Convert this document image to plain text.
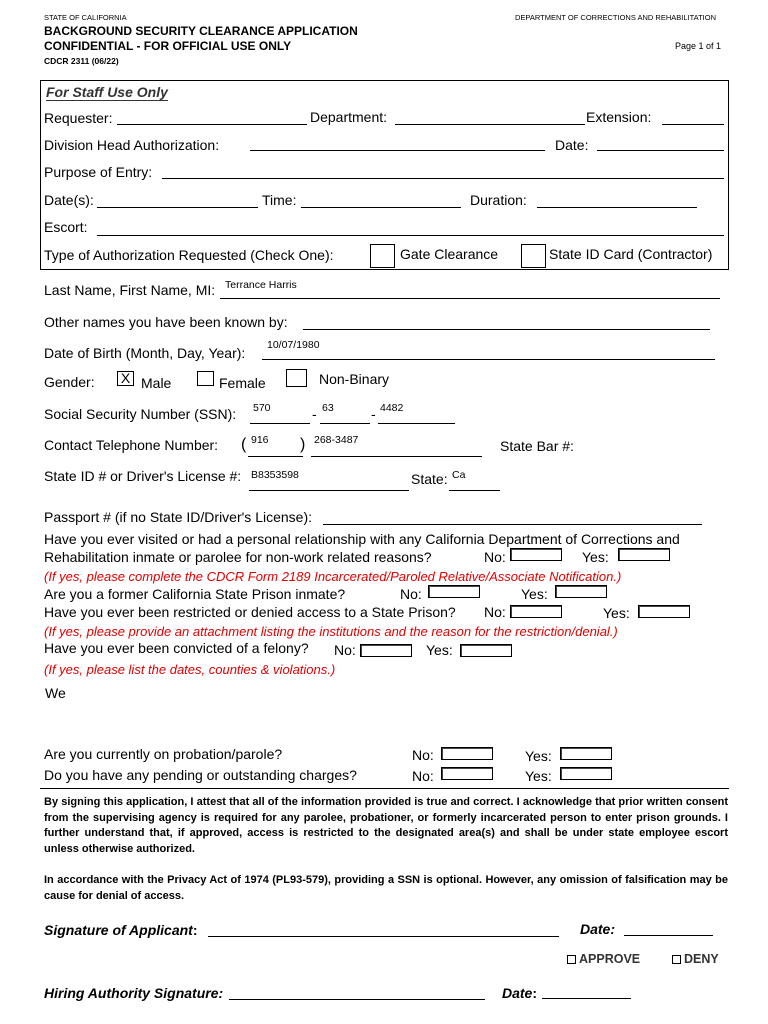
STATE OF CALIFORNIA
BACKGROUND SECURITY CLEARANCE APPLICATION
CONFIDENTIAL - FOR OFFICIAL USE ONLY
CDCR 2311 (06/22)
DEPARTMENT OF CORRECTIONS AND REHABILITATION
Page 1 of 1
For Staff Use Only
Requester:	Department:	Extension:
Division Head Authorization:	Date:
Purpose of Entry:
Date(s):	Time:	Duration:
Escort:
Type of Authorization Requested (Check One):	Gate Clearance	State ID Card (Contractor)
Last Name, First Name, MI: Terrance Harris
Other names you have been known by:
Date of Birth (Month, Day, Year): 10/07/1980
Gender: X Male	Female	Non-Binary
Social Security Number (SSN): 570	- 63	- 4482
Contact Telephone Number: ( 916 ) 268-3487	State Bar #:
State ID # or Driver's License #: B8353598	State: Ca
Passport # (if no State ID/Driver's License):
Have you ever visited or had a personal relationship with any California Department of Corrections and
Rehabilitation inmate or parolee for non-work related reasons?	No:	Yes:
(If yes, please complete the CDCR Form 2189 Incarcerated/Paroled Relative/Associate Notification.)
Are you a former California State Prison inmate?	No:	Yes:
Have you ever been restricted or denied access to a State Prison? No:	Yes:
(If yes, please provide an attachment listing the institutions and the reason for the restriction/denial.)
Have you ever been convicted of a felony? No:	Yes:
(If yes, please list the dates, counties & violations.)
We
Are you currently on probation/parole?	No:	Yes:
Do you have any pending or outstanding charges?	No:	Yes:
By signing this application, I attest that all of the information provided is true and correct. I acknowledge that prior written consent from the supervising agency is required for any parolee, probationer, or formerly incarcerated person to enter prison grounds. I further understand that, if approved, access is restricted to the designated area(s) and shall be under state employee escort unless otherwise authorized.
In accordance with the Privacy Act of 1974 (PL93-579), providing a SSN is optional. However, any omission of falsification may be cause for denial of access.
Signature of Applicant:	Date:
APPROVE	DENY
Hiring Authority Signature:	Date:
